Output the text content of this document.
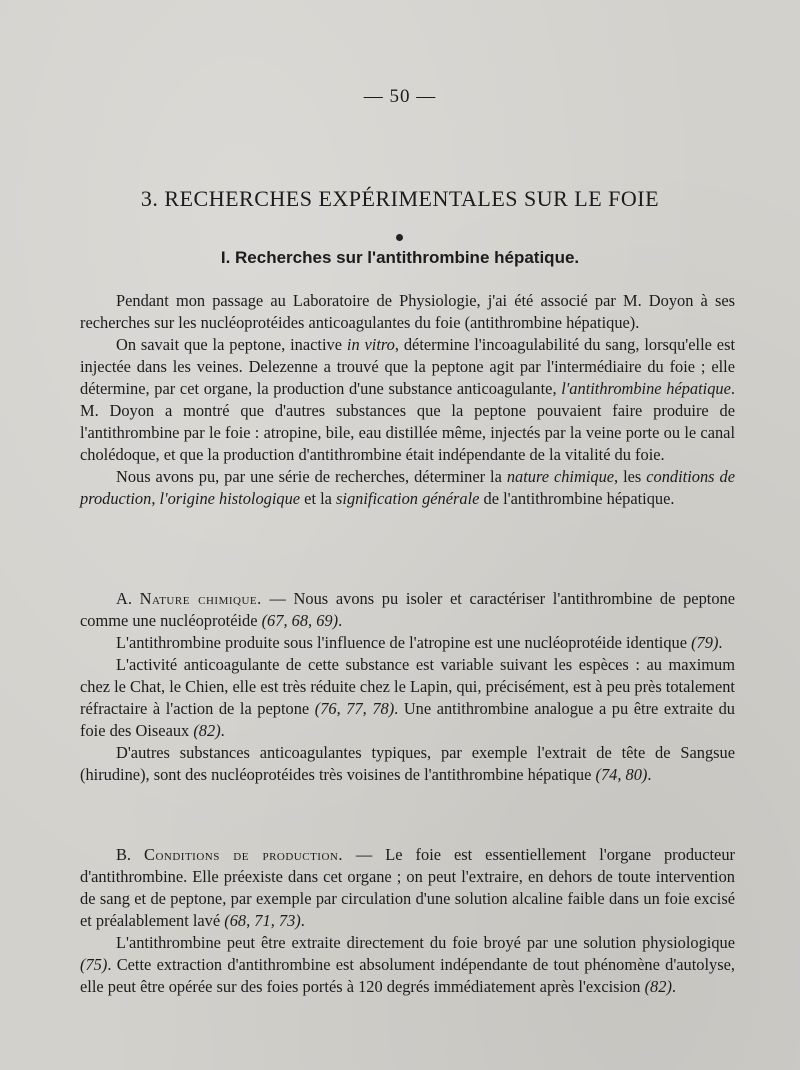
— 50 —
3. RECHERCHES EXPÉRIMENTALES SUR LE FOIE
I. Recherches sur l'antithrombine hépatique.

Pendant mon passage au Laboratoire de Physiologie, j'ai été associé par M. Doyon à ses recherches sur les nucléoprotéides anticoagulantes du foie (antithrombine hépatique).

On savait que la peptone, inactive in vitro, détermine l'incoagulabilité du sang, lorsqu'elle est injectée dans les veines. Delezenne a trouvé que la peptone agit par l'intermédiaire du foie ; elle détermine, par cet organe, la production d'une substance anticoagulante, l'antithrombine hépatique. M. Doyon a montré que d'autres substances que la peptone pouvaient faire produire de l'antithrombine par le foie : atropine, bile, eau distillée même, injectés par la veine porte ou le canal cholédoque, et que la production d'antithrombine était indépendante de la vitalité du foie.

Nous avons pu, par une série de recherches, déterminer la nature chimique, les conditions de production, l'origine histologique et la signification générale de l'antithrombine hépatique.

A. Nature chimique. — Nous avons pu isoler et caractériser l'antithrombine de peptone comme une nucléoprotéide (67, 68, 69).

L'antithrombine produite sous l'influence de l'atropine est une nucléoprotéide identique (79).

L'activité anticoagulante de cette substance est variable suivant les espèces : au maximum chez le Chat, le Chien, elle est très réduite chez le Lapin, qui, précisément, est à peu près totalement réfractaire à l'action de la peptone (76, 77, 78). Une antithrombine analogue a pu être extraite du foie des Oiseaux (82).

D'autres substances anticoagulantes typiques, par exemple l'extrait de tête de Sangsue (hirudine), sont des nucléoprotéides très voisines de l'antithrombine hépatique (74, 80).

B. Conditions de production. — Le foie est essentiellement l'organe producteur d'antithrombine. Elle préexiste dans cet organe ; on peut l'extraire, en dehors de toute intervention de sang et de peptone, par exemple par circulation d'une solution alcaline faible dans un foie excisé et préalablement lavé (68, 71, 73).

L'antithrombine peut être extraite directement du foie broyé par une solution physiologique (75). Cette extraction d'antithrombine est absolument indépendante de tout phénomène d'autolyse, elle peut être opérée sur des foies portés à 120 degrés immédiatement après l'excision (82).
